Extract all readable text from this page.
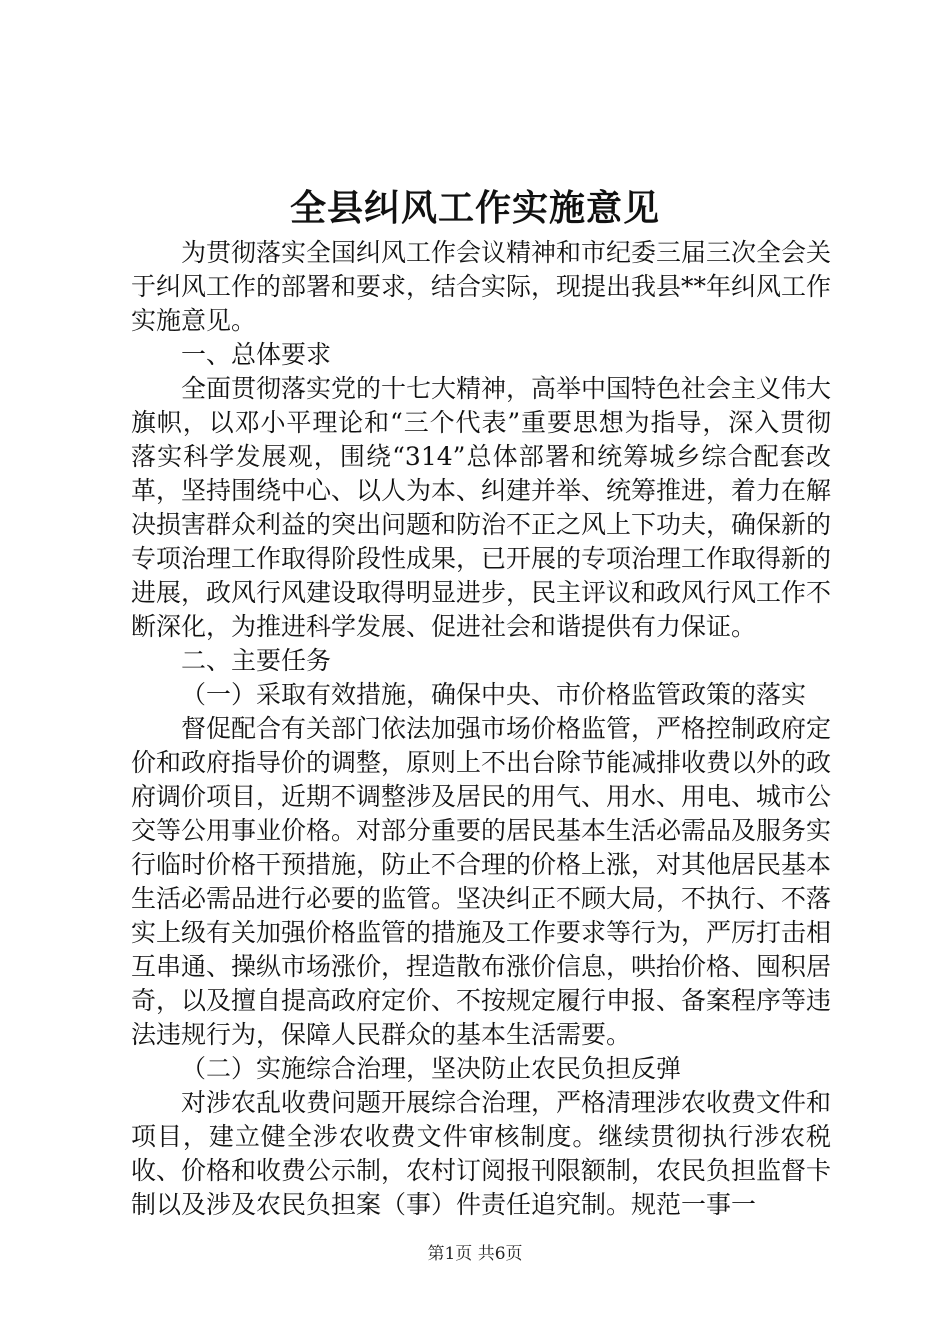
全县纠风工作实施意见

为贯彻落实全国纠风工作会议精神和市纪委三届三次全会关于纠风工作的部署和要求，结合实际，现提出我县**年纠风工作实施意见。

一、总体要求

全面贯彻落实党的十七大精神，高举中国特色社会主义伟大旗帜，以邓小平理论和“三个代表”重要思想为指导，深入贯彻落实科学发展观，围绕“314”总体部署和统筹城乡综合配套改革，坚持围绕中心、以人为本、纠建并举、统筹推进，着力在解决损害群众利益的突出问题和防治不正之风上下功夫，确保新的专项治理工作取得阶段性成果，已开展的专项治理工作取得新的进展，政风行风建设取得明显进步，民主评议和政风行风工作不断深化，为推进科学发展、促进社会和谐提供有力保证。

二、主要任务

（一）采取有效措施，确保中央、市价格监管政策的落实

督促配合有关部门依法加强市场价格监管，严格控制政府定价和政府指导价的调整，原则上不出台除节能减排收费以外的政府调价项目，近期不调整涉及居民的用气、用水、用电、城市公交等公用事业价格。对部分重要的居民基本生活必需品及服务实行临时价格干预措施，防止不合理的价格上涨，对其他居民基本生活必需品进行必要的监管。坚决纠正不顾大局，不执行、不落实上级有关加强价格监管的措施及工作要求等行为，严厉打击相互串通、操纵市场涨价，捏造散布涨价信息，哄抬价格、囤积居奇，以及擅自提高政府定价、不按规定履行申报、备案程序等违法违规行为，保障人民群众的基本生活需要。

（二）实施综合治理，坚决防止农民负担反弹

对涉农乱收费问题开展综合治理，严格清理涉农收费文件和项目，建立健全涉农收费文件审核制度。继续贯彻执行涉农税收、价格和收费公示制，农村订阅报刊限额制，农民负担监督卡制以及涉及农民负担案（事）件责任追究制。规范一事一

第1页 共6页
